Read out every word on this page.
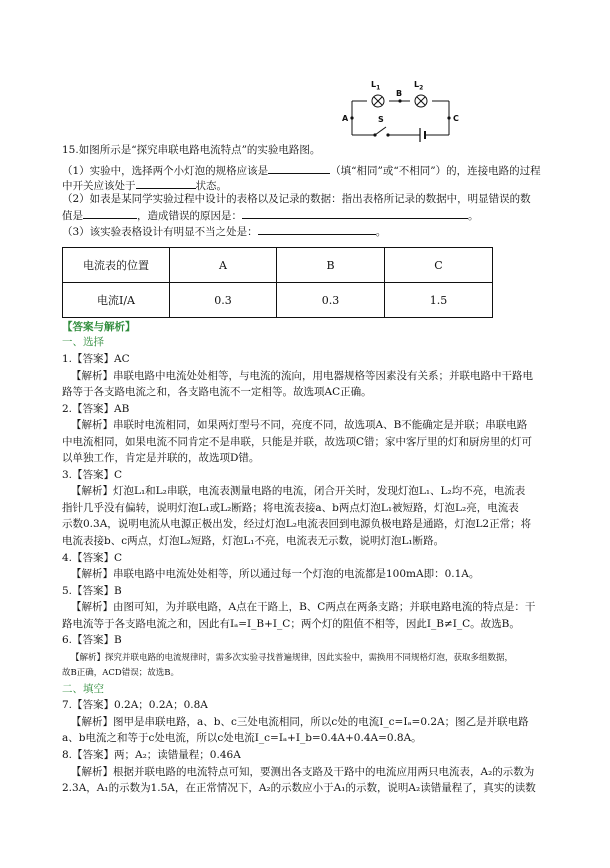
$L_1$	$L_2$
B
A	C
S
15.如图所示是“探究串联电路电流特点”的实验电路图。
（1）实验中，选择两个小灯泡的规格应该是	（填“相同”或“不相同”）的，连接电路的过程
中开关应该处于	状态。
（2）如表是某同学实验过程中设计的表格以及记录的数据：指出表格所记录的数据中，明显错误的数
值是	，造成错误的原因是：	。
（3）该实验表格设计有明显不当之处是：	。
电流表的位置	A	B	C
电流I/A	0.3	0.3	1.5
【答案与解析】
一、选择
1.【答案】AC
【解析】串联电路中电流处处相等，与电流的流向，用电器规格等因素没有关系；并联电路中干路电
路等于各支路电流之和，各支路电流不一定相等。故选项AC正确。
2.【答案】AB
【解析】串联时电流相同，如果两灯型号不同，亮度不同，故选项A、B不能确定是并联；串联电路
中电流相同，如果电流不同肯定不是串联，只能是并联，故选项C错；家中客厅里的灯和厨房里的灯可
以单独工作，肯定是并联的，故选项D错。
3.【答案】C
【解析】灯泡L₁和L₂串联，电流表测量电路的电流，闭合开关时，发现灯泡L₁、L₂均不亮，电流表
指针几乎没有偏转，说明灯泡L₁或L₂断路；将电流表接a、b两点灯泡L₁被短路，灯泡L₂亮，电流表
示数0.3A，说明电流从电源正极出发，经过灯泡L₂电流表回到电源负极电路是通路，灯泡L2正常；将
电流表接b、c两点，灯泡L₂短路，灯泡L₁不亮，电流表无示数，说明灯泡L₁断路。
4.【答案】C
【解析】串联电路中电流处处相等，所以通过每一个灯泡的电流都是100mA即：0.1A。
5.【答案】B
【解析】由图可知，为并联电路，A点在干路上，B、C两点在两条支路；并联电路电流的特点是：干
路电流等于各支路电流之和，因此有Iₐ=I_B+I_C；两个灯的阻值不相等，因此I_B≠I_C。故选B。
6.【答案】B
【解析】探究并联电路的电流规律时，需多次实验寻找普遍规律，因此实验中，需换用不同规格灯泡，获取多组数据，
故B正确，ACD错误；故选B。
二、填空
7.【答案】0.2A；0.2A；0.8A
【解析】图甲是串联电路，a、b、c三处电流相同，所以c处的电流I_c=Iₐ=0.2A；图乙是并联电路
a、b电流之和等于c处电流，所以c处电流I_c=Iₐ+I_b=0.4A+0.4A=0.8A。
8.【答案】两；A₂；读错量程；0.46A
【解析】根据并联电路的电流特点可知，要测出各支路及干路中的电流应用两只电流表，A₂的示数为
2.3A，A₁的示数为1.5A，在正常情况下，A₂的示数应小于A₁的示数，说明A₂读错量程了，真实的读数
